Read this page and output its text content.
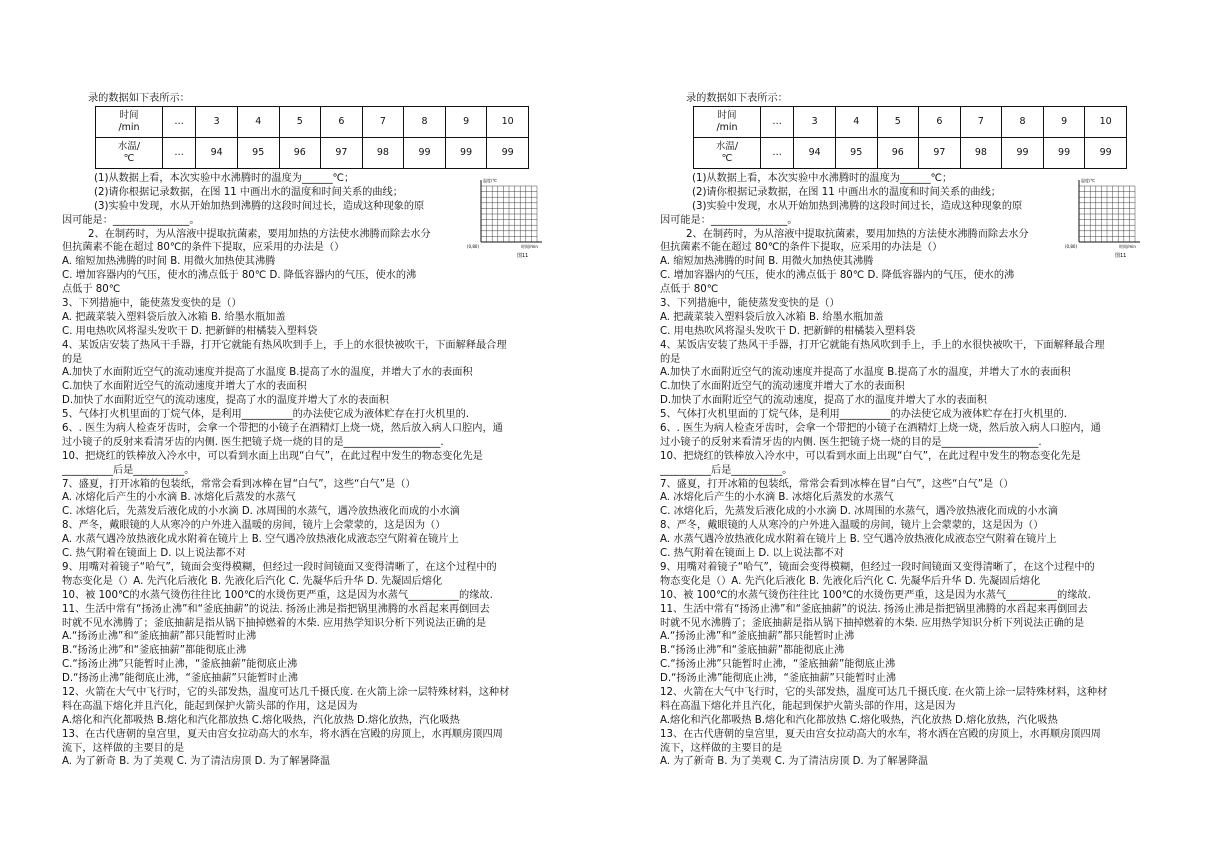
录的数据如下表所示：
时间
/min	…	3	4	5	6	7	8	9	10
水温/
℃	…	94	95	96	97	98	99	99	99
温度/℃
(0,80)	时间/min
图11
(1)从数据上看，本次实验中水沸腾时的温度为______℃；
(2)请你根据记录数据，在图 11 中画出水的温度和时间关系的曲线；
(3)实验中发现，水从开始加热到沸腾的这段时间过长，造成这种现象的原
因可能是：_______________。
2、在制药时，为从溶液中提取抗菌素，要用加热的方法使水沸腾而除去水分
但抗菌素不能在超过 80℃的条件下提取，应采用的办法是（）
A. 缩短加热沸腾的时间 B. 用微火加热使其沸腾
C. 增加容器内的气压，使水的沸点低于 80℃ D. 降低容器内的气压，使水的沸
点低于 80℃
3、下列措施中，能使蒸发变快的是（）
A. 把蔬菜装入塑料袋后放入冰箱 B. 给墨水瓶加盖
C. 用电热吹风将湿头发吹干 D. 把新鲜的柑橘装入塑料袋
4、某饭店安装了热风干手器，打开它就能有热风吹到手上，手上的水很快被吹干，下面解释最合理
的是
A.加快了水面附近空气的流动速度并提高了水温度 B.提高了水的温度，并增大了水的表面积
C.加快了水面附近空气的流动速度并增大了水的表面积
D.加快了水面附近空气的流动速度，提高了水的温度并增大了水的表面积
5、气体打火机里面的丁烷气体，是利用__________的办法使它成为液体贮存在打火机里的.
6、. 医生为病人检查牙齿时，会拿一个带把的小镜子在酒精灯上烧一烧，然后放入病人口腔内，通
过小镜子的反射来看清牙齿的内侧. 医生把镜子烧一烧的目的是___________________.
10、把烧红的铁棒放入冷水中，可以看到水面上出现“白气”，在此过程中发生的物态变化先是
__________后是__________。
7、盛夏，打开冰箱的包装纸，常常会看到冰棒在冒“白气”，这些“白气”是（）
A. 冰熔化后产生的小水滴 B. 冰熔化后蒸发的水蒸气
C. 冰熔化后，先蒸发后液化成的小水滴 D. 冰周围的水蒸气，遇冷放热液化而成的小水滴
8、严冬，戴眼镜的人从寒冷的户外进入温暖的房间，镜片上会蒙蒙的，这是因为（）
A. 水蒸气遇冷放热液化成水附着在镜片上 B. 空气遇冷放热液化成液态空气附着在镜片上
C. 热气附着在镜面上 D. 以上说法都不对
9、用嘴对着镜子“哈气”，镜面会变得模糊，但经过一段时间镜面又变得清晰了，在这个过程中的
物态变化是（）A. 先汽化后液化 B. 先液化后汽化 C. 先凝华后升华 D. 先凝固后熔化
10、被 100℃的水蒸气烫伤往往比 100℃的水烫伤更严重，这是因为水蒸气__________的缘故.
11、生活中常有“扬汤止沸”和“釜底抽薪”的说法. 扬汤止沸是指把锅里沸腾的水舀起来再倒回去
时就不见水沸腾了；釜底抽薪是指从锅下抽掉燃着的木柴. 应用热学知识分析下列说法正确的是
A.“扬汤止沸”和“釜底抽薪”都只能暂时止沸
B.“扬汤止沸”和“釜底抽薪”都能彻底止沸
C.“扬汤止沸”只能暂时止沸，“釜底抽薪”能彻底止沸
D.“扬汤止沸”能彻底止沸，“釜底抽薪”只能暂时止沸
12、火箭在大气中飞行时，它的头部发热，温度可达几千摄氏度. 在火箭上涂一层特殊材料，这种材
料在高温下熔化并且汽化，能起到保护火箭头部的作用，这是因为
A.熔化和汽化都吸热 B.熔化和汽化都放热 C.熔化吸热，汽化放热 D.熔化放热，汽化吸热
13、在古代唐朝的皇宫里，夏天由宫女拉动高大的水车，将水洒在宫殿的房顶上，水再顺房顶四周
流下，这样做的主要目的是
A. 为了新奇 B. 为了美观 C. 为了清洁房顶 D. 为了解暑降温
录的数据如下表所示：
时间
/min	…	3	4	5	6	7	8	9	10
水温/
℃	…	94	95	96	97	98	99	99	99
温度/℃
(0,80)	时间/min
图11
(1)从数据上看，本次实验中水沸腾时的温度为______℃；
(2)请你根据记录数据，在图 11 中画出水的温度和时间关系的曲线；
(3)实验中发现，水从开始加热到沸腾的这段时间过长，造成这种现象的原
因可能是：_______________。
2、在制药时，为从溶液中提取抗菌素，要用加热的方法使水沸腾而除去水分
但抗菌素不能在超过 80℃的条件下提取，应采用的办法是（）
A. 缩短加热沸腾的时间 B. 用微火加热使其沸腾
C. 增加容器内的气压，使水的沸点低于 80℃ D. 降低容器内的气压，使水的沸
点低于 80℃
3、下列措施中，能使蒸发变快的是（）
A. 把蔬菜装入塑料袋后放入冰箱 B. 给墨水瓶加盖
C. 用电热吹风将湿头发吹干 D. 把新鲜的柑橘装入塑料袋
4、某饭店安装了热风干手器，打开它就能有热风吹到手上，手上的水很快被吹干，下面解释最合理
的是
A.加快了水面附近空气的流动速度并提高了水温度 B.提高了水的温度，并增大了水的表面积
C.加快了水面附近空气的流动速度并增大了水的表面积
D.加快了水面附近空气的流动速度，提高了水的温度并增大了水的表面积
5、气体打火机里面的丁烷气体，是利用__________的办法使它成为液体贮存在打火机里的.
6、. 医生为病人检查牙齿时，会拿一个带把的小镜子在酒精灯上烧一烧，然后放入病人口腔内，通
过小镜子的反射来看清牙齿的内侧. 医生把镜子烧一烧的目的是___________________.
10、把烧红的铁棒放入冷水中，可以看到水面上出现“白气”，在此过程中发生的物态变化先是
__________后是__________。
7、盛夏，打开冰箱的包装纸，常常会看到冰棒在冒“白气”，这些“白气”是（）
A. 冰熔化后产生的小水滴 B. 冰熔化后蒸发的水蒸气
C. 冰熔化后，先蒸发后液化成的小水滴 D. 冰周围的水蒸气，遇冷放热液化而成的小水滴
8、严冬，戴眼镜的人从寒冷的户外进入温暖的房间，镜片上会蒙蒙的，这是因为（）
A. 水蒸气遇冷放热液化成水附着在镜片上 B. 空气遇冷放热液化成液态空气附着在镜片上
C. 热气附着在镜面上 D. 以上说法都不对
9、用嘴对着镜子“哈气”，镜面会变得模糊，但经过一段时间镜面又变得清晰了，在这个过程中的
物态变化是（）A. 先汽化后液化 B. 先液化后汽化 C. 先凝华后升华 D. 先凝固后熔化
10、被 100℃的水蒸气烫伤往往比 100℃的水烫伤更严重，这是因为水蒸气__________的缘故.
11、生活中常有“扬汤止沸”和“釜底抽薪”的说法. 扬汤止沸是指把锅里沸腾的水舀起来再倒回去
时就不见水沸腾了；釜底抽薪是指从锅下抽掉燃着的木柴. 应用热学知识分析下列说法正确的是
A.“扬汤止沸”和“釜底抽薪”都只能暂时止沸
B.“扬汤止沸”和“釜底抽薪”都能彻底止沸
C.“扬汤止沸”只能暂时止沸，“釜底抽薪”能彻底止沸
D.“扬汤止沸”能彻底止沸，“釜底抽薪”只能暂时止沸
12、火箭在大气中飞行时，它的头部发热，温度可达几千摄氏度. 在火箭上涂一层特殊材料，这种材
料在高温下熔化并且汽化，能起到保护火箭头部的作用，这是因为
A.熔化和汽化都吸热 B.熔化和汽化都放热 C.熔化吸热，汽化放热 D.熔化放热，汽化吸热
13、在古代唐朝的皇宫里，夏天由宫女拉动高大的水车，将水洒在宫殿的房顶上，水再顺房顶四周
流下，这样做的主要目的是
A. 为了新奇 B. 为了美观 C. 为了清洁房顶 D. 为了解暑降温
